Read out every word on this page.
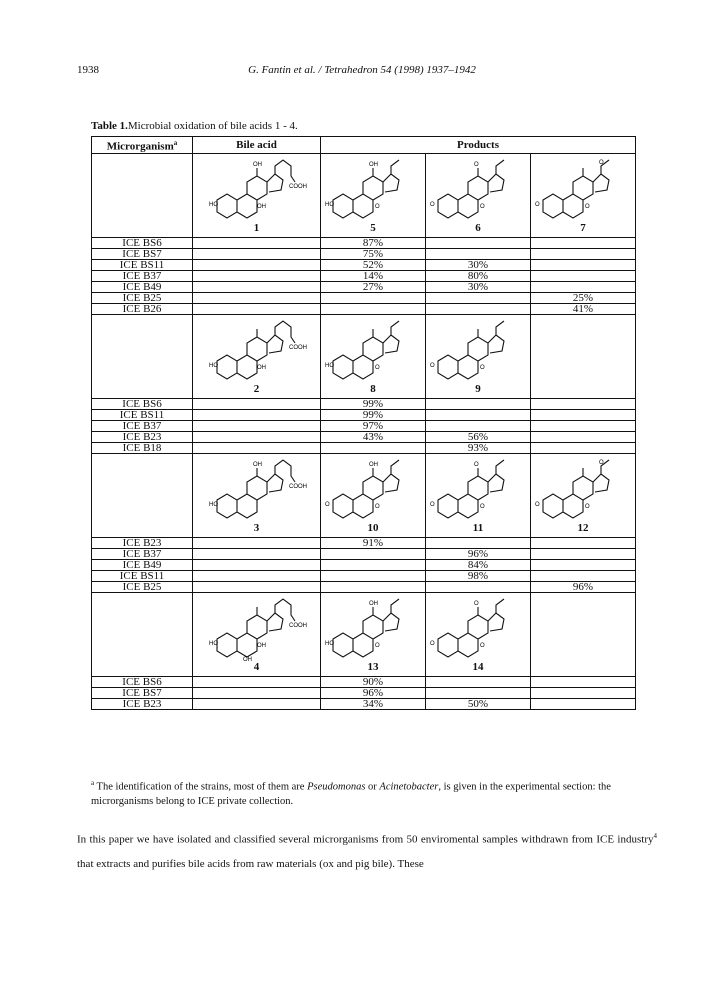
1938	G. Fantin et al. / Tetrahedron 54 (1998) 1937–1942
Table 1.Microbial oxidation of bile acids 1 - 4.
Microrganism$^a$	Bile acid	Products		

HO
COOH
OH
OH
1	HO O
OH
5	O O
O
6	O O
O
7

ICE BS6		87%		
ICE BS7		75%		
ICE BS11		52%	30%	
ICE B37		14%	80%	
ICE B49		27%	30%	
ICE B25				25%
ICE B26				41%

HO
COOH
OH
2	HO O
8	O O
9	

ICE BS6		99%		
ICE BS11		99%		
ICE B37		97%		
ICE B23		43%	56%	
ICE B18			93%	

HO
COOH
OH
3	O O
OH
10	O O
O
11	O O
O
12

ICE B23		91%		
ICE B37			96%	
ICE B49			84%	
ICE BS11			98%	
ICE B25				96%

HO
COOH
OH
OH
4	HO O
OH
13	O O
O
14	

ICE BS6		90%		
ICE BS7		96%		
ICE B23		34%	50%	
$^a$ The identification of the strains, most of them are Pseudomonas or Acinetobacter, is given in the experimental section: the microrganisms belong to ICE private collection.
In this paper we have isolated and classified several microrganisms from 50 enviromental samples withdrawn from ICE industry$^4$ that extracts and purifies bile acids from raw materials (ox and pig bile). These
